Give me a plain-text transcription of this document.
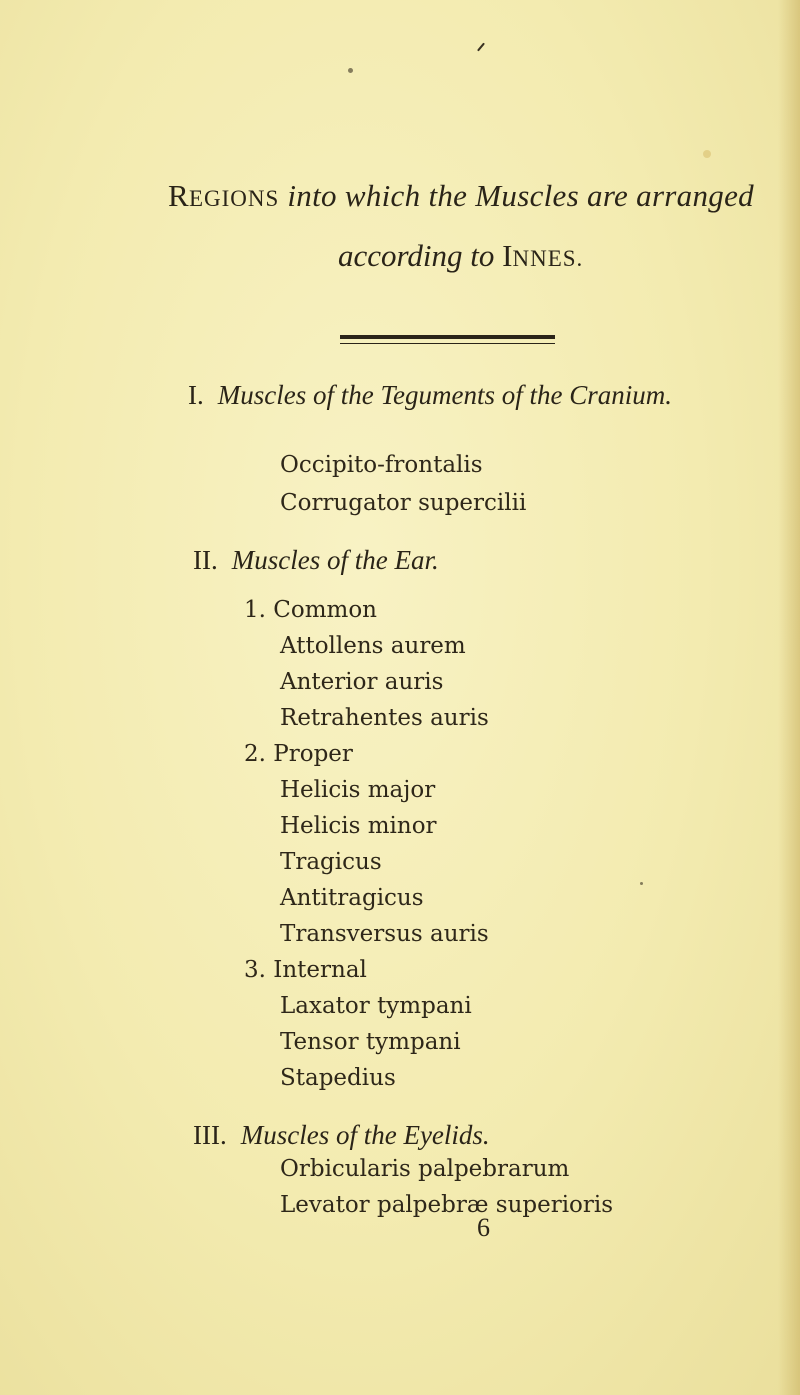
REGIONS into which the Muscles are arranged
according to INNES.
I. Muscles of the Teguments of the Cranium.
Occipito-frontalis
Corrugator supercilii
II. Muscles of the Ear.
1. Common
Attollens aurem
Anterior auris
Retrahentes auris
2. Proper
Helicis major
Helicis minor
Tragicus
Antitragicus
Transversus auris
3. Internal
Laxator tympani
Tensor tympani
Stapedius
III. Muscles of the Eyelids.
Orbicularis palpebrarum
Levator palpebræ superioris
6
